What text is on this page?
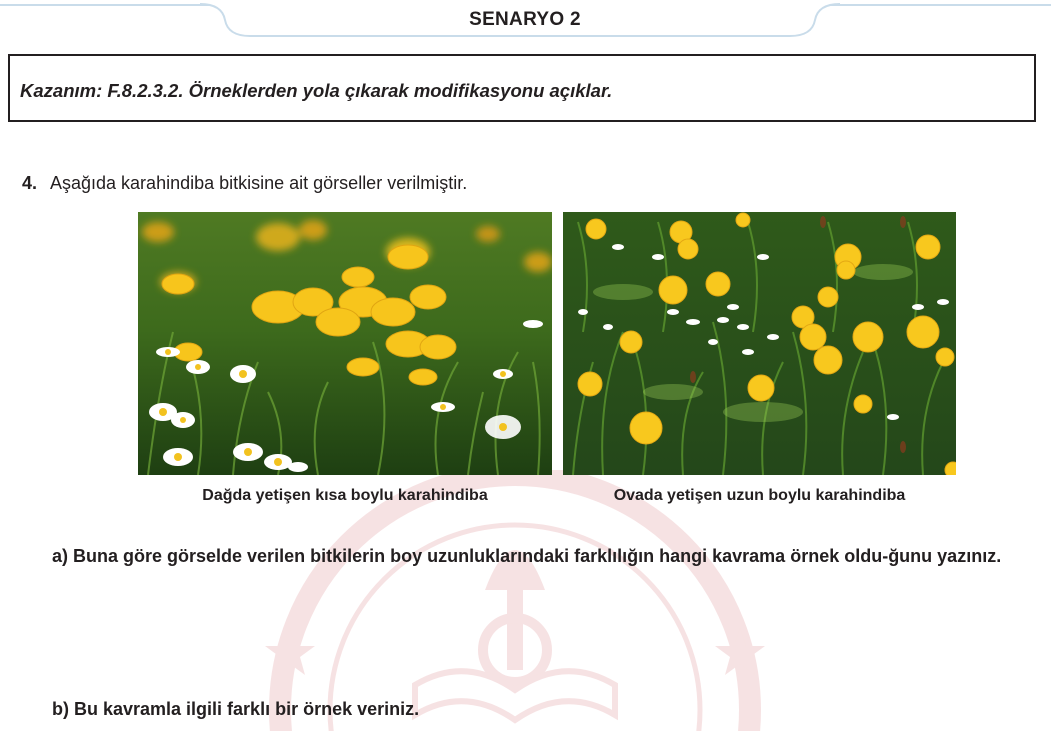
SENARYO 2
Kazanım: F.8.2.3.2. Örneklerden yola çıkarak modifikasyonu açıklar.
4. Aşağıda karahindiba bitkisine ait görseller verilmiştir.
Dağda yetişen kısa boylu karahindiba	Ovada yetişen uzun boylu karahindiba
a) Buna göre görselde verilen bitkilerin boy uzunluklarındaki farklılığın hangi kavrama örnek oldu-ğunu yazınız.
b) Bu kavramla ilgili farklı bir örnek veriniz.
